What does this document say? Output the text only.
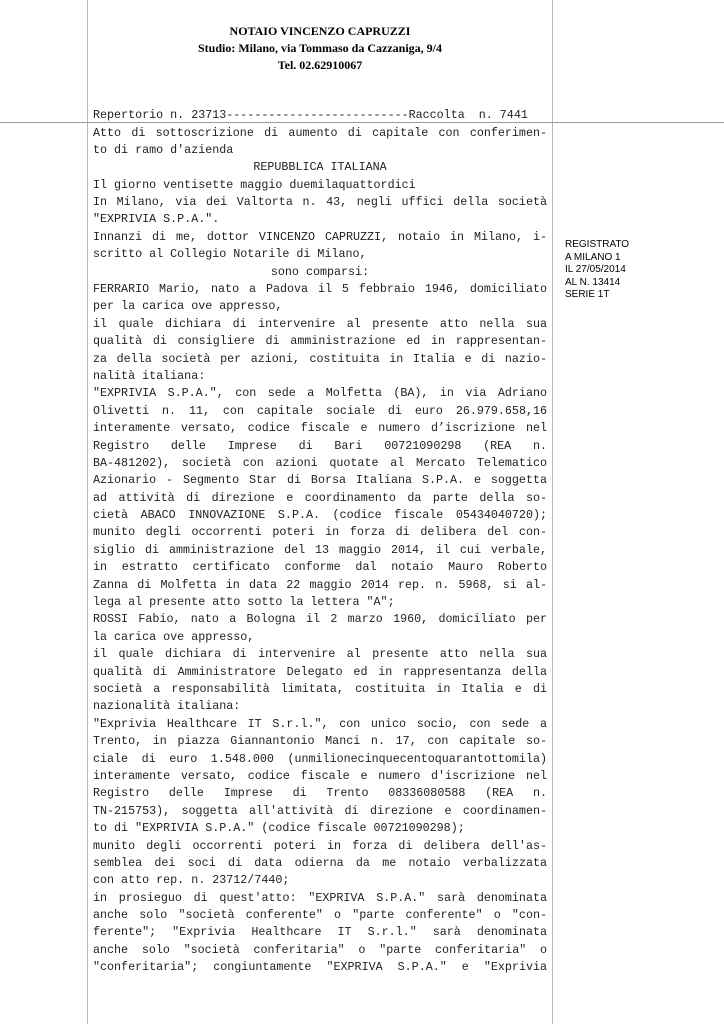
NOTAIO VINCENZO CAPRUZZI
Studio: Milano, via Tommaso da Cazzaniga, 9/4
Tel. 02.62910067
Repertorio n. 23713--------------------------Raccolta  n. 7441
Atto di sottoscrizione di aumento di capitale con conferimen-
to di ramo d'azienda
REPUBBLICA ITALIANA
Il giorno ventisette maggio duemilaquattordici
In Milano, via dei Valtorta n. 43, negli uffici della società
"EXPRIVIA S.P.A.".
Innanzi di me, dottor VINCENZO CAPRUZZI, notaio in Milano, i-
scritto al Collegio Notarile di Milano,
sono comparsi:
FERRARIO Mario, nato a Padova il 5 febbraio 1946, domiciliato
per la carica ove appresso,
il quale dichiara di intervenire al presente atto nella sua
qualità di consigliere di amministrazione ed in rappresentan-
za della società per azioni, costituita in Italia e di nazio-
nalità italiana:
"EXPRIVIA S.P.A.", con sede a Molfetta (BA), in via Adriano
Olivetti n. 11, con capitale sociale di euro 26.979.658,16
interamente versato, codice fiscale e numero d’iscrizione nel
Registro delle Imprese di Bari 00721090298 (REA n.
BA-481202), società con azioni quotate al Mercato Telematico
Azionario - Segmento Star di Borsa Italiana S.P.A. e soggetta
ad attività di direzione e coordinamento da parte della so-
cietà ABACO INNOVAZIONE S.P.A. (codice fiscale 05434040720);
munito degli occorrenti poteri in forza di delibera del con-
siglio di amministrazione del 13 maggio 2014, il cui verbale,
in estratto certificato conforme dal notaio Mauro Roberto
Zanna di Molfetta in data 22 maggio 2014 rep. n. 5968, si al-
lega al presente atto sotto la lettera "A";
ROSSI Fabio, nato a Bologna il 2 marzo 1960, domiciliato per
la carica ove appresso,
il quale dichiara di intervenire al presente atto nella sua
qualità di Amministratore Delegato ed in rappresentanza della
società a responsabilità limitata, costituita in Italia e di
nazionalità italiana:
"Exprivia Healthcare IT S.r.l.", con unico socio, con sede a
Trento, in piazza Giannantonio Manci n. 17, con capitale so-
ciale di euro 1.548.000 (unmilionecinquecentoquarantottomila)
interamente versato, codice fiscale e numero d'iscrizione nel
Registro delle Imprese di Trento 08336080588 (REA n.
TN-215753), soggetta all'attività di direzione e coordinamen-
to di "EXPRIVIA S.P.A." (codice fiscale 00721090298);
munito degli occorrenti poteri in forza di delibera dell'as-
semblea dei soci di data odierna da me notaio verbalizzata
con atto rep. n. 23712/7440;
in prosieguo di quest'atto: "EXPRIVA S.P.A." sarà denominata
anche solo "società conferente" o "parte conferente" o "con-
ferente"; "Exprivia Healthcare IT S.r.l." sarà denominata
anche solo "società conferitaria" o "parte conferitaria" o
"conferitaria"; congiuntamente "EXPRIVA S.P.A." e "Exprivia
REGISTRATO
A MILANO 1
IL 27/05/2014
AL N. 13414
SERIE 1T
